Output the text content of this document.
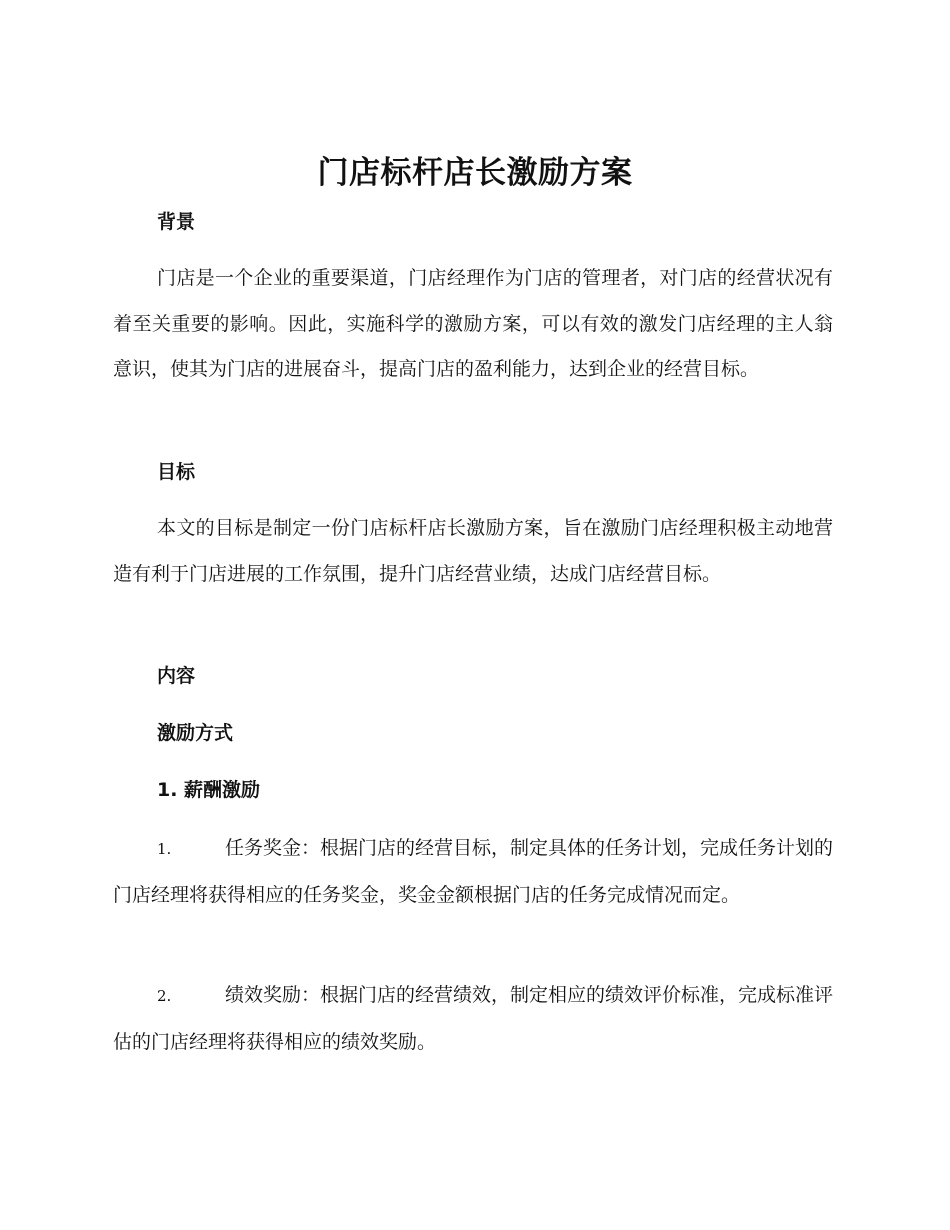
门店标杆店长激励方案
背景
门店是一个企业的重要渠道，门店经理作为门店的管理者，对门店的经营状况有着至关重要的影响。因此，实施科学的激励方案，可以有效的激发门店经理的主人翁意识，使其为门店的进展奋斗，提高门店的盈利能力，达到企业的经营目标。
目标
本文的目标是制定一份门店标杆店长激励方案，旨在激励门店经理积极主动地营造有利于门店进展的工作氛围，提升门店经营业绩，达成门店经营目标。
内容
激励方式
1. 薪酬激励
1.	任务奖金：根据门店的经营目标，制定具体的任务计划，完成任务计划的门店经理将获得相应的任务奖金，奖金金额根据门店的任务完成情况而定。
2.	绩效奖励：根据门店的经营绩效，制定相应的绩效评价标准，完成标准评估的门店经理将获得相应的绩效奖励。
